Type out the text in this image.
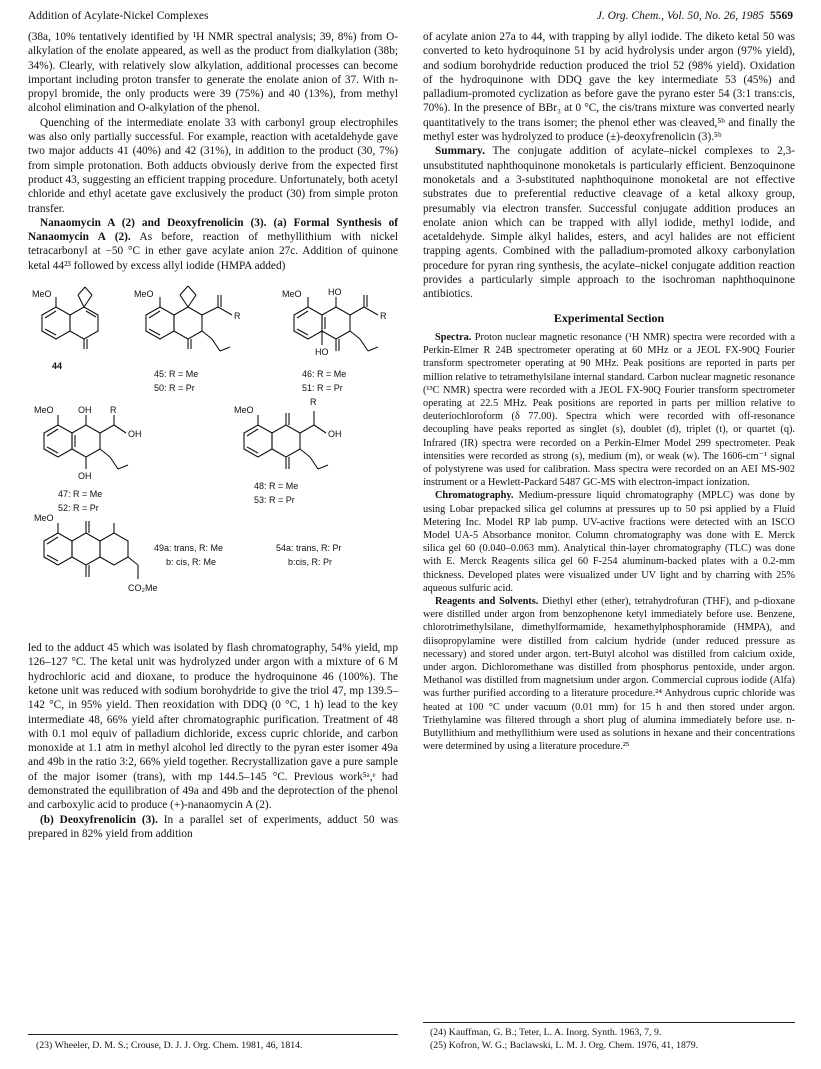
Addition of Acylate-Nickel Complexes	J. Org. Chem., Vol. 50, No. 26, 1985 5569

(38a, 10% tentatively identified by ¹H NMR spectral analysis; 39, 8%) from O-alkylation of the enolate appeared, as well as the product from dialkylation (38b; 34%). Clearly, with relatively slow alkylation, additional processes can become important including proton transfer to generate the enolate anion of 37. With n-propyl bromide, the only products were 39 (75%) and 40 (13%), from methyl alcohol elimination and O-alkylation of the phenol.

Quenching of the intermediate enolate 33 with carbonyl group electrophiles was also only partially successful. For example, reaction with acetaldehyde gave two major adducts 41 (40%) and 42 (31%), in addition to the product (30, 7%) from simple protonation. Both adducts obviously derive from the expected first product 43, suggesting an efficient trapping procedure. Unfortunately, both acetyl chloride and ethyl acetate gave exclusively the product (30) from simple proton transfer.

Nanaomycin A (2) and Deoxyfrenolicin (3). (a) Formal Synthesis of Nanaomycin A (2). As before, reaction of methyllithium with nickel tetracarbonyl at −50 °C in ether gave acylate anion 27c. Addition of quinone ketal 44²³ followed by excess allyl iodide (HMPA added)

MeO	MeO	MeO	HO
HO
R	R
44
45: R = Me
50: R = Pr
46: R = Me
51: R = Pr
MeO	OH R
OH
OH
47: R = Me
52: R = Pr
MeO
R
OH
48: R = Me
53: R = Pr
MeO
CO₂Me
49a: trans, R: Me
b: cis, R: Me
54a: trans, R: Pr
b:cis, R: Pr

led to the adduct 45 which was isolated by flash chromatography, 54% yield, mp 126–127 °C. The ketal unit was hydrolyzed under argon with a mixture of 6 M hydrochloric acid and dioxane, to produce the hydroquinone 46 (100%). The ketone unit was reduced with sodium borohydride to give the triol 47, mp 139.5–142 °C, in 95% yield. Then reoxidation with DDQ (0 °C, 1 h) lead to the key intermediate 48, 66% yield after chromatographic purification. Treatment of 48 with 0.1 mol equiv of palladium dichloride, excess cupric chloride, and carbon monoxide at 1.1 atm in methyl alcohol led directly to the pyran ester isomer 49a and 49b in the ratio 3:2, 66% yield together. Recrystallization gave a pure sample of the major isomer (trans), with mp 144.5–145 °C. Previous work⁵ᵃ,ᵉ had demonstrated the equilibration of 49a and 49b and the deprotection of the phenol and carboxylic acid to produce (+)-nanaomycin A (2).

(b) Deoxyfrenolicin (3). In a parallel set of experiments, adduct 50 was prepared in 82% yield from addition

of acylate anion 27a to 44, with trapping by allyl iodide. The diketo ketal 50 was converted to keto hydroquinone 51 by acid hydrolysis under argon (97% yield), and sodium borohydride reduction produced the triol 52 (98% yield). Oxidation of the hydroquinone with DDQ gave the key intermediate 53 (45%) and palladium-promoted cyclization as before gave the pyrano ester 54 (3:1 trans:cis, 70%). In the presence of BBr₃ at 0 °C, the cis/trans mixture was converted nearly quantitatively to the trans isomer; the phenol ether was cleaved,⁵ᵇ and finally the methyl ester was hydrolyzed to produce (±)-deoxyfrenolicin (3).⁵ᵇ

Summary. The conjugate addition of acylate–nickel complexes to 2,3-unsubstituted naphthoquinone monoketals is particularly efficient. Benzoquinone monoketals and a 3-substituted naphthoquinone monoketal are not effective substrates due to preferential reductive cleavage of a ketal alkoxy group, presumably via electron transfer. Successful conjugate addition produces an enolate anion which can be trapped with allyl iodide, methyl iodide, and acetaldehyde. Simple alkyl halides, esters, and acyl halides are not efficient trapping agents. Combined with the palladium-promoted alkoxy carbonylation procedure for pyran ring synthesis, the acylate–nickel conjugate addition reaction provides a particularly simple approach to the isochroman naphthoquinone antibiotics.

Experimental Section

Spectra. Proton nuclear magnetic resonance (¹H NMR) spectra were recorded with a Perkin-Elmer R 24B spectrometer operating at 60 MHz or a JEOL FX-90Q Fourier transform spectrometer operating at 90 MHz. Peak positions are reported in parts per million relative to tetramethylsilane internal standard. Carbon nuclear magnetic resonance (¹³C NMR) spectra were recorded with a JEOL FX-90Q Fourier transform spectrometer operating at 22.5 MHz. Peak positions are reported in parts per million relative to deuteriochloroform (δ 77.00). Spectra which were recorded with off-resonance decoupling have peaks reported as singlet (s), doublet (d), triplet (t), or quartet (q). Infrared (IR) spectra were recorded on a Perkin-Elmer Model 299 spectrometer. Peak intensities were recorded as strong (s), medium (m), or weak (w). The 1606-cm⁻¹ signal of polystyrene was used for calibration. Mass spectra were recorded on an AEI MS-902 instrument or a Hewlett-Packard 5487 GC-MS with electron-impact ionization.

Chromatography. Medium-pressure liquid chromatography (MPLC) was done by using Lobar prepacked silica gel columns at pressures up to 50 psi applied by a Fluid Metering Inc. Model RP lab pump. UV-active fractions were detected with an ISCO Model UA-5 Absorbance monitor. Column chromatography was done with E. Merck silica gel 60 (0.040–0.063 mm). Analytical thin-layer chromatography (TLC) was done with E. Merck Reagents silica gel 60 F-254 aluminum-backed plates with a 0.2-mm thickness. Developed plates were visualized under UV light and by charring with 25% aqueous sulfuric acid.

Reagents and Solvents. Diethyl ether (ether), tetrahydrofuran (THF), and p-dioxane were distilled under argon from benzophenone ketyl immediately before use. Benzene, chlorotrimethylsilane, dimethylformamide, hexamethylphosphoramide (HMPA), and diisopropylamine were distilled from calcium hydride (under reduced pressure as necessary) and stored under argon. tert-Butyl alcohol was distilled from calcium oxide, under argon. Dichloromethane was distilled from phosphorus pentoxide, under argon. Methanol was distilled from magnetsium under argon. Commercial cuprous iodide (Alfa) was further purified according to a literature procedure.²⁴ Anhydrous cupric chloride was heated at 100 °C under vacuum (0.01 mm) for 15 h and then stored under argon. Triethylamine was filtered through a short plug of alumina immediately before use. n-Butyllithium and methyllithium were used as solutions in hexane and their concentrations were determined by using a literature procedure.²⁵

(23) Wheeler, D. M. S.; Crouse, D. J. J. Org. Chem. 1981, 46, 1814.
(24) Kauffman, G. B.; Teter, L. A. Inorg. Synth. 1963, 7, 9.
(25) Kofron, W. G.; Baclawski, L. M. J. Org. Chem. 1976, 41, 1879.
